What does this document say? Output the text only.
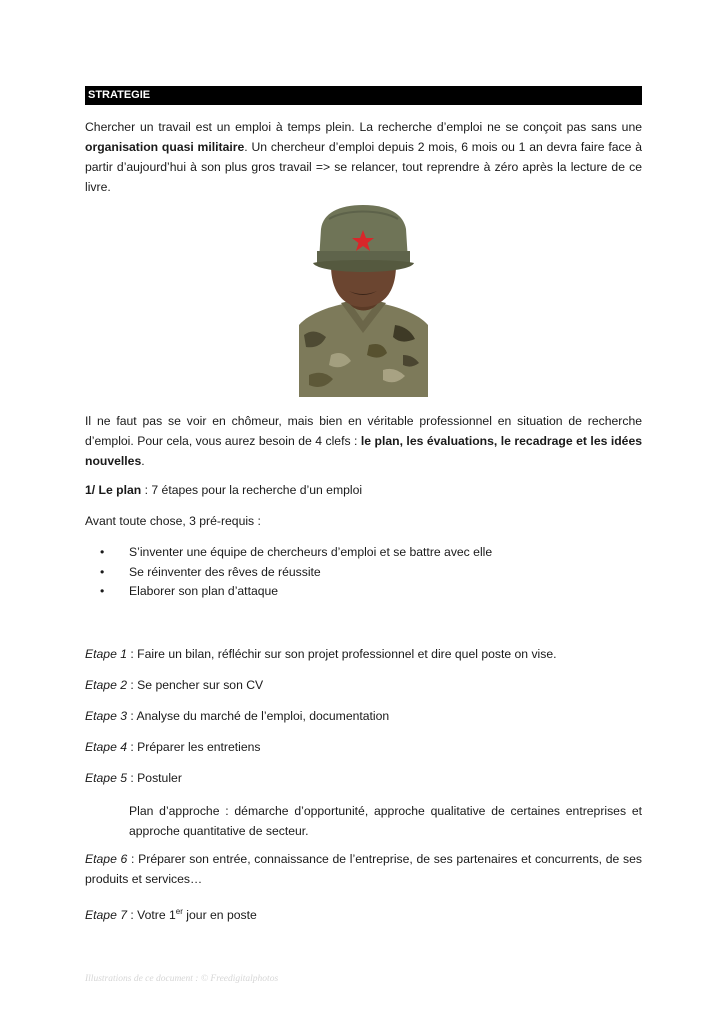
STRATEGIE
Chercher un travail est un emploi à temps plein. La recherche d’emploi ne se conçoit pas sans une organisation quasi militaire. Un chercheur d’emploi depuis 2 mois, 6 mois ou 1 an devra faire face à partir d’aujourd’hui à son plus gros travail => se relancer, tout reprendre à zéro après la lecture de ce livre.
Il ne faut pas se voir en chômeur, mais bien en véritable professionnel en situation de recherche d’emploi. Pour cela, vous aurez besoin de 4 clefs : le plan, les évaluations, le recadrage et les idées nouvelles.
1/ Le plan : 7 étapes pour la recherche d’un emploi
Avant toute chose, 3 pré-requis :
• S’inventer une équipe de chercheurs d’emploi et se battre avec elle
• Se réinventer des rêves de réussite
• Elaborer son plan d’attaque
Etape 1 : Faire un bilan, réfléchir sur son projet professionnel et dire quel poste on vise.
Etape 2 : Se pencher sur son CV
Etape 3 : Analyse du marché de l’emploi, documentation
Etape 4 : Préparer les entretiens
Etape 5 : Postuler
Plan d’approche : démarche d’opportunité, approche qualitative de certaines entreprises et approche quantitative de secteur.
Etape 6 : Préparer son entrée, connaissance de l’entreprise, de ses partenaires et concurrents, de ses produits et services…
Etape 7 : Votre 1er jour en poste
Illustrations de ce document : © Freedigitalphotos
